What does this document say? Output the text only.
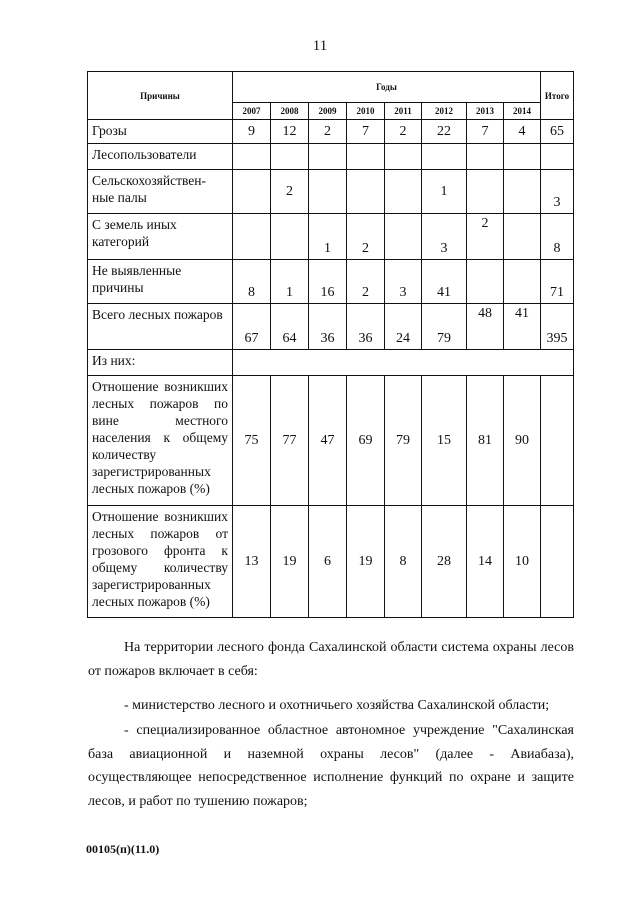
11
Причины	Годы								Итого
	2007	2008	2009	2010	2011	2012	2013	2014	
Грозы	9	12	2	7	2	22	7	4	65
Лесопользователи									
Сельскохозяйствен-ные палы		2				1			3
С земель иных категорий			1	2		3	2		8
Не выявленные причины	8	1	16	2	3	41			71
Всего лесных пожаров	67	64	36	36	24	79	48	41	395
Из них:									
Отношение возникших лесных пожаров по вине местного населения к общему количеству зарегистрированных лесных пожаров (%)	75	77	47	69	79	15	81	90	
Отношение возникших лесных пожаров от грозового фронта к общему количеству зарегистрированных лесных пожаров (%)	13	19	6	19	8	28	14	10	

На территории лесного фонда Сахалинской области система охраны лесов от пожаров включает в себя:

- министерство лесного и охотничьего хозяйства Сахалинской области;

- специализированное областное автономное учреждение "Сахалинская база авиационной и наземной охраны лесов" (далее - Авиабаза), осуществляющее непосредственное исполнение функций по охране и защите лесов, и работ по тушению пожаров;

00105(п)(11.0)
